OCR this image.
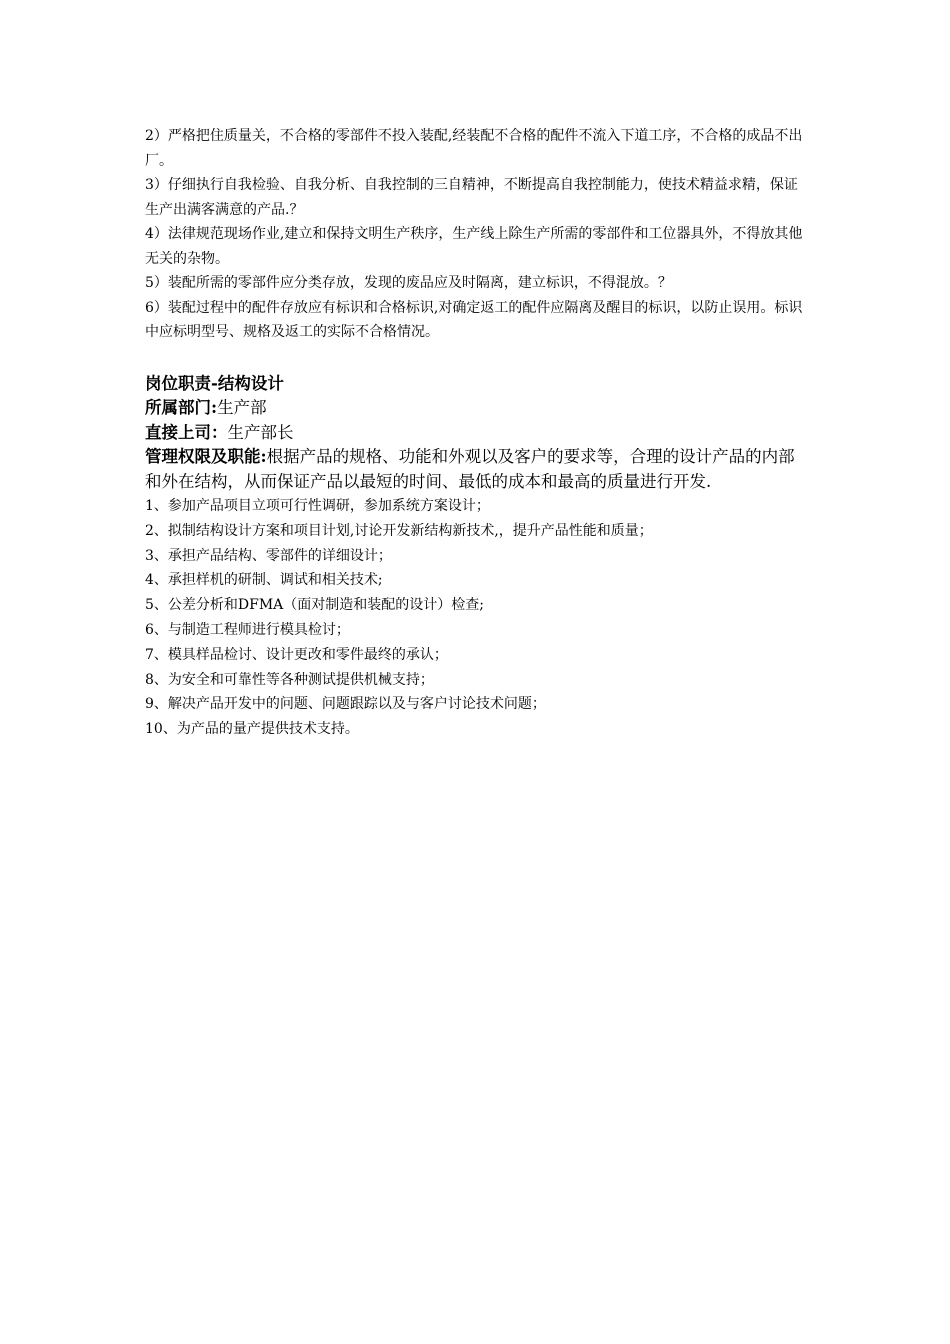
2）严格把住质量关，不合格的零部件不投入装配,经装配不合格的配件不流入下道工序，不合格的成品不出厂。

3）仔细执行自我检验、自我分析、自我控制的三自精神，不断提高自我控制能力，使技术精益求精，保证生产出满客满意的产品.？

4）法律规范现场作业,建立和保持文明生产秩序，生产线上除生产所需的零部件和工位器具外，不得放其他无关的杂物。

5）装配所需的零部件应分类存放，发现的废品应及时隔离，建立标识，不得混放。？

6）装配过程中的配件存放应有标识和合格标识,对确定返工的配件应隔离及醒目的标识，以防止误用。标识中应标明型号、规格及返工的实际不合格情况。

岗位职责-结构设计

所属部门:生产部

直接上司：生产部长

管理权限及职能:根据产品的规格、功能和外观以及客户的要求等，合理的设计产品的内部和外在结构，从而保证产品以最短的时间、最低的成本和最高的质量进行开发.

1、参加产品项目立项可行性调研，参加系统方案设计；

2、拟制结构设计方案和项目计划,讨论开发新结构新技术,，提升产品性能和质量；

3、承担产品结构、零部件的详细设计；

4、承担样机的研制、调试和相关技术;

5、公差分析和DFMA（面对制造和装配的设计）检查;

6、与制造工程师进行模具检讨；

7、模具样品检讨、设计更改和零件最终的承认；

8、为安全和可靠性等各种测试提供机械支持；

9、解决产品开发中的问题、问题跟踪以及与客户讨论技术问题；

10、为产品的量产提供技术支持。
